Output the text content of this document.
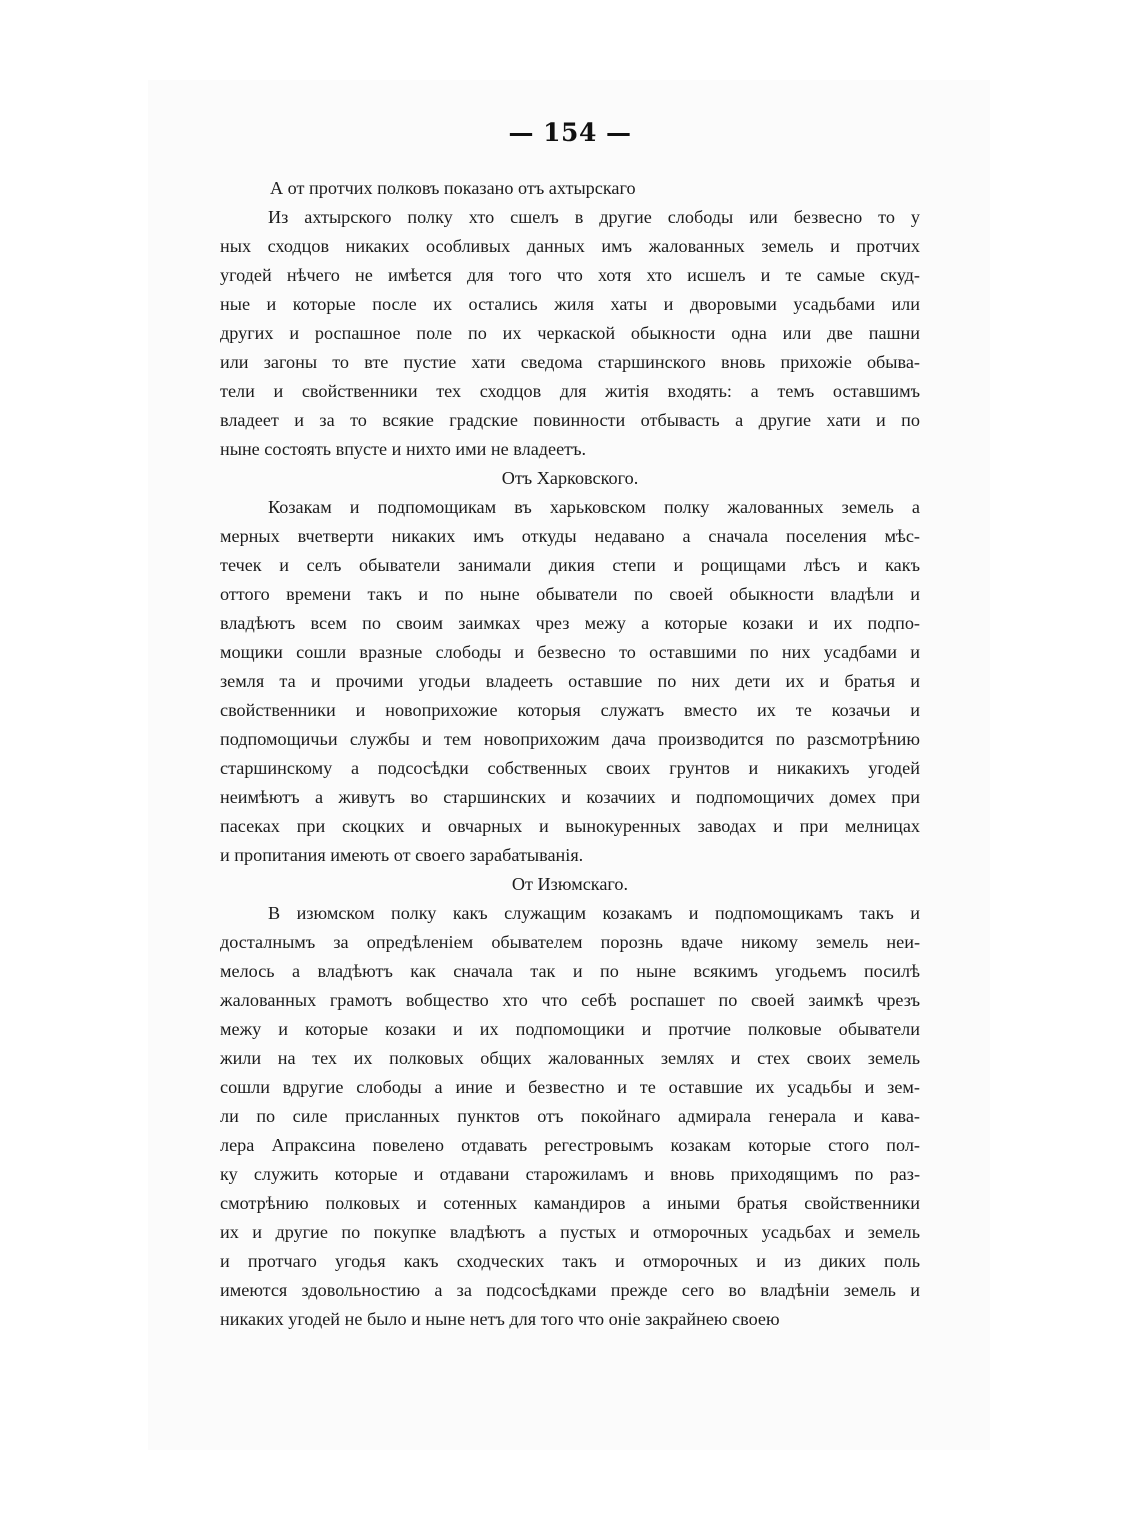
— 154 —
А от протчих полковъ показано отъ ахтырскаго
Из ахтырского полку хто сшелъ в другие слободы или безвесно то у
ных сходцов никаких особливых данных имъ жалованных земель и протчих
угодей нѣчего не имѣется для того что хотя хто исшелъ и те самые скуд-
ные и которые после их остались жиля хаты и дворовыми усадьбами или
других и роспашное поле по их черкаской обыкности одна или две пашни
или загоны то вте пустие хати сведома старшинского вновь прихожіе обыва-
тели и свойственники тех сходцов для житія входять: а темъ оставшимъ
владеет и за то всякие градские повинности отбывасть а другие хати и по
ныне состоять впусте и нихто ими не владеетъ.
Отъ Харковского.
Козакам и подпомощикам въ харьковском полку жалованных земель а
мерных вчетверти никаких имъ откуды недавано а сначала поселения мѣс-
течек и селъ обыватели занимали дикия степи и рощищами лѣсъ и какъ
оттого времени такъ и по ныне обыватели по своей обыкности владѣли и
владѣютъ всем по своим заимках чрез межу а которые козаки и их подпо-
мощики сошли вразные слободы и безвесно то оставшими по них усадбами и
земля та и прочими угодьи владееть оставшие по них дети их и братья и
свойственники и новоприхожие которыя служатъ вместо их те козачьи и
подпомощичьи службы и тем новоприхожим дача производится по разсмотрѣнию
старшинскому а подсосѣдки собственных своих грунтов и никакихъ угодей
неимѣютъ а живутъ во старшинских и козачиих и подпомощичих домех при
пасеках при скоцких и овчарных и вынокуренных заводах и при мелницах
и пропитания имеють от своего зарабатыванія.
От Изюмскаго.
В изюмском полку какъ служащим козакамъ и подпомощикамъ такъ и
досталнымъ за опредѣленіем обывателем порознь вдаче никому земель неи-
мелось а владѣютъ как сначала так и по ныне всякимъ угодьемъ посилѣ
жалованных грамотъ вобщество хто что себѣ роспашет по своей заимкѣ чрезъ
межу и которые козаки и их подпомощики и протчие полковые обыватели
жили на тех их полковых общих жалованных землях и стех своих земель
сошли вдругие слободы а иние и безвестно и те оставшие их усадьбы и зем-
ли по силе присланных пунктов отъ покойнаго адмирала генерала и кава-
лера Апраксина повелено отдавать регестровымъ козакам которые стого пол-
ку служить которые и отдавани старожиламъ и вновь приходящимъ по раз-
смотрѣнию полковых и сотенных камандиров а иными братья свойственники
их и другие по покупке владѣютъ а пустых и отморочных усадьбах и земель
и протчаго угодья какъ сходческих такъ и отморочных и из диких поль
имеются здовольностию а за подсосѣдками прежде сего во владѣніи земель и
никаких угодей не было и ныне нетъ для того что оніе закрайнею своею
